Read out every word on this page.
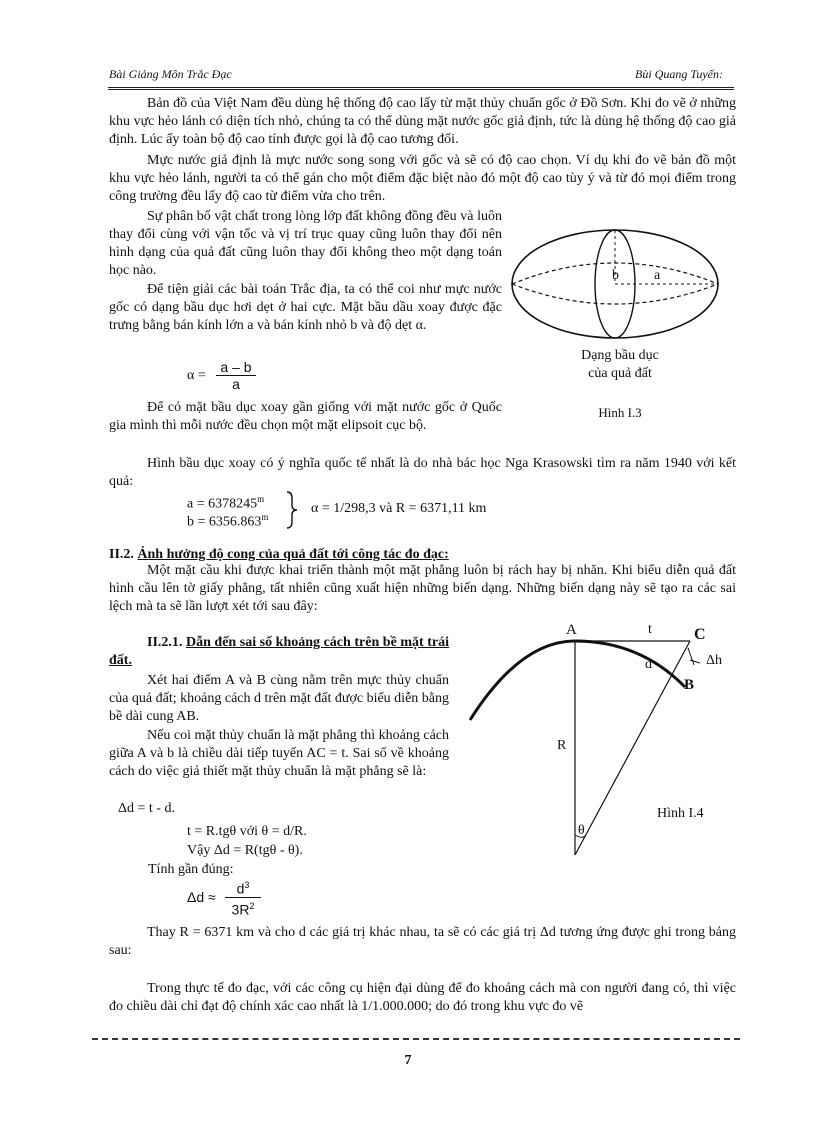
Bài Giảng Môn Trắc Đạc	Bùi Quang Tuyến:
Bản đồ của Việt Nam đều dùng hệ thống độ cao lấy từ mặt thủy chuẩn gốc ở Đồ Sơn. Khi đo vẽ ở những khu vực hẻo lánh có diện tích nhỏ, chúng ta có thể dùng mặt nước gốc giả định, tức là dùng hệ thống độ cao giả định. Lúc ấy toàn bộ độ cao tính được gọi là độ cao tương đối.
Mực nước giả định là mực nước song song với gốc và sẽ có độ cao chọn. Ví dụ khi đo vẽ bản đồ một khu vực hẻo lánh, người ta có thể gán cho một điểm đặc biệt nào đó một độ cao tùy ý và từ đó mọi điểm trong công trường đều lấy độ cao từ điểm vừa cho trên.
Sự phân bố vật chất trong lòng lớp đất không đồng đều và luôn thay đổi cùng với vận tốc và vị trí trục quay cũng luôn thay đổi nên hình dạng của quả đất cũng luôn thay đổi không theo một dạng toán học nào.
Để tiện giải các bài toán Trắc địa, ta có thể coi như mực nước gốc có dạng bầu dục hơi dẹt ở hai cực. Mặt bầu dầu xoay được đặc trưng bằng bán kính lớn a và bán kính nhỏ b và độ dẹt α.
$\alpha = \frac{a - b}{a}$
Để có mặt bầu dục xoay gần giống với mặt nước gốc ở Quốc gia mình thì mỗi nước đều chọn một mặt elipsoit cục bộ.
b	a
Dạng bầu dục
của quả đất
Hình I.3
Hình bầu dục xoay có ý nghĩa quốc tế nhất là do nhà bác học Nga Krasowski tìm ra năm 1940 với kết quả:
$a = 6378245^m$
$b = 6356.863^m$
α = 1/298,3 và R = 6371,11 km
II.2. Ảnh hưởng độ cong của quả đất tới công tác đo đạc:
Một mặt cầu khi được khai triển thành một mặt phẳng luôn bị rách hay bị nhăn. Khi biểu diễn quả đất hình cầu lên tờ giấy phẳng, tất nhiên cũng xuất hiện những biến dạng. Những biến dạng này sẽ tạo ra các sai lệch mà ta sẽ lần lượt xét tới sau đây:
II.2.1. Dẫn đến sai số khoảng cách trên bề mặt trái đất.
Xét hai điểm A và B cùng nằm trên mực thủy chuẩn của quả đất; khoảng cách d trên mặt đất được biểu diễn bằng bề dài cung AB.
Nếu coi mặt thủy chuẩn là mặt phẳng thì khoảng cách giữa A và b là chiều dài tiếp tuyến AC = t. Sai số về khoảng cách do việc giả thiết mặt thủy chuẩn là mặt phẳng sẽ là:
Δd = t - d.
t = R.tgθ với θ = d/R.
Vậy Δd = R(tgθ - θ).
Tính gần đúng:
$\Delta d \approx \frac{d^3}{3R^2}$
A	t	C
d	Δh
B
R
θ
Hình I.4
Thay R = 6371 km và cho d các giá trị khác nhau, ta sẽ có các giá trị Δd tương ứng được ghi trong bảng sau:
Trong thực tế đo đạc, với các công cụ hiện đại dùng để đo khoảng cách mà con người đang có, thì việc đo chiều dài chỉ đạt độ chính xác cao nhất là 1/1.000.000; do đó trong khu vực đo vẽ
7
